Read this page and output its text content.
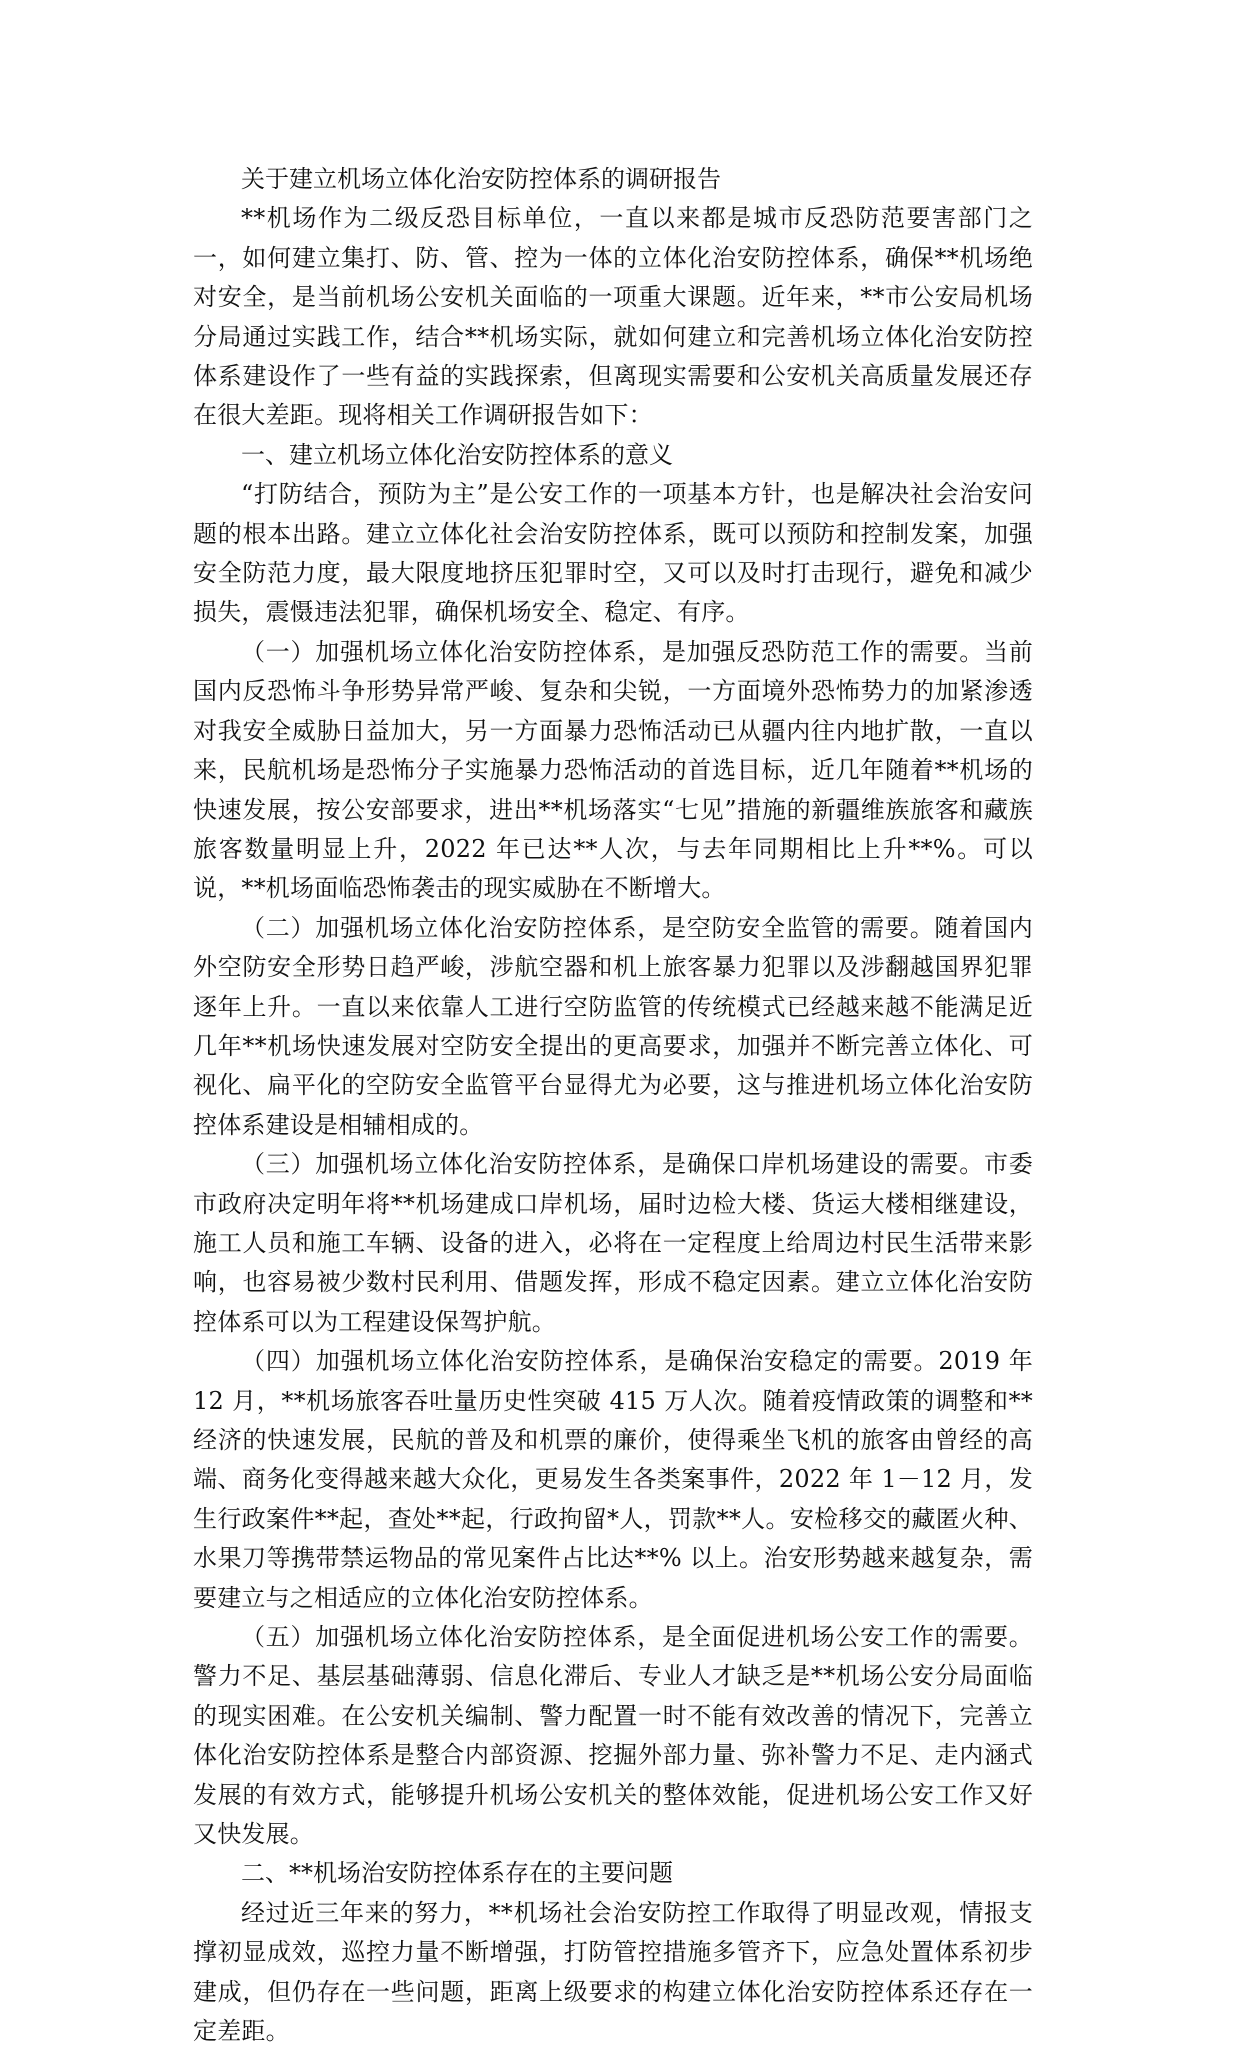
关于建立机场立体化治安防控体系的调研报告

**机场作为二级反恐目标单位，一直以来都是城市反恐防范要害部门之一，如何建立集打、防、管、控为一体的立体化治安防控体系，确保**机场绝对安全，是当前机场公安机关面临的一项重大课题。近年来，**市公安局机场分局通过实践工作，结合**机场实际，就如何建立和完善机场立体化治安防控体系建设作了一些有益的实践探索，但离现实需要和公安机关高质量发展还存在很大差距。现将相关工作调研报告如下：

一、建立机场立体化治安防控体系的意义

“打防结合，预防为主”是公安工作的一项基本方针，也是解决社会治安问题的根本出路。建立立体化社会治安防控体系，既可以预防和控制发案，加强安全防范力度，最大限度地挤压犯罪时空，又可以及时打击现行，避免和减少损失，震慑违法犯罪，确保机场安全、稳定、有序。

（一）加强机场立体化治安防控体系，是加强反恐防范工作的需要。当前国内反恐怖斗争形势异常严峻、复杂和尖锐，一方面境外恐怖势力的加紧渗透对我安全威胁日益加大，另一方面暴力恐怖活动已从疆内往内地扩散，一直以来，民航机场是恐怖分子实施暴力恐怖活动的首选目标，近几年随着**机场的快速发展，按公安部要求，进出**机场落实“七见”措施的新疆维族旅客和藏族旅客数量明显上升，2022 年已达**人次，与去年同期相比上升**%。可以说，**机场面临恐怖袭击的现实威胁在不断增大。

（二）加强机场立体化治安防控体系，是空防安全监管的需要。随着国内外空防安全形势日趋严峻，涉航空器和机上旅客暴力犯罪以及涉翻越国界犯罪逐年上升。一直以来依靠人工进行空防监管的传统模式已经越来越不能满足近几年**机场快速发展对空防安全提出的更高要求，加强并不断完善立体化、可视化、扁平化的空防安全监管平台显得尤为必要，这与推进机场立体化治安防控体系建设是相辅相成的。

（三）加强机场立体化治安防控体系，是确保口岸机场建设的需要。市委市政府决定明年将**机场建成口岸机场，届时边检大楼、货运大楼相继建设，施工人员和施工车辆、设备的进入，必将在一定程度上给周边村民生活带来影响，也容易被少数村民利用、借题发挥，形成不稳定因素。建立立体化治安防控体系可以为工程建设保驾护航。

（四）加强机场立体化治安防控体系，是确保治安稳定的需要。2019 年 12 月，**机场旅客吞吐量历史性突破 415 万人次。随着疫情政策的调整和**经济的快速发展，民航的普及和机票的廉价，使得乘坐飞机的旅客由曾经的高端、商务化变得越来越大众化，更易发生各类案事件，2022 年 1－12 月，发生行政案件**起，查处**起，行政拘留*人，罚款**人。安检移交的藏匿火种、水果刀等携带禁运物品的常见案件占比达**% 以上。治安形势越来越复杂，需要建立与之相适应的立体化治安防控体系。

（五）加强机场立体化治安防控体系，是全面促进机场公安工作的需要。警力不足、基层基础薄弱、信息化滞后、专业人才缺乏是**机场公安分局面临的现实困难。在公安机关编制、警力配置一时不能有效改善的情况下，完善立体化治安防控体系是整合内部资源、挖掘外部力量、弥补警力不足、走内涵式发展的有效方式，能够提升机场公安机关的整体效能，促进机场公安工作又好又快发展。

二、**机场治安防控体系存在的主要问题

经过近三年来的努力，**机场社会治安防控工作取得了明显改观，情报支撑初显成效，巡控力量不断增强，打防管控措施多管齐下，应急处置体系初步建成，但仍存在一些问题，距离上级要求的构建立体化治安防控体系还存在一定差距。
